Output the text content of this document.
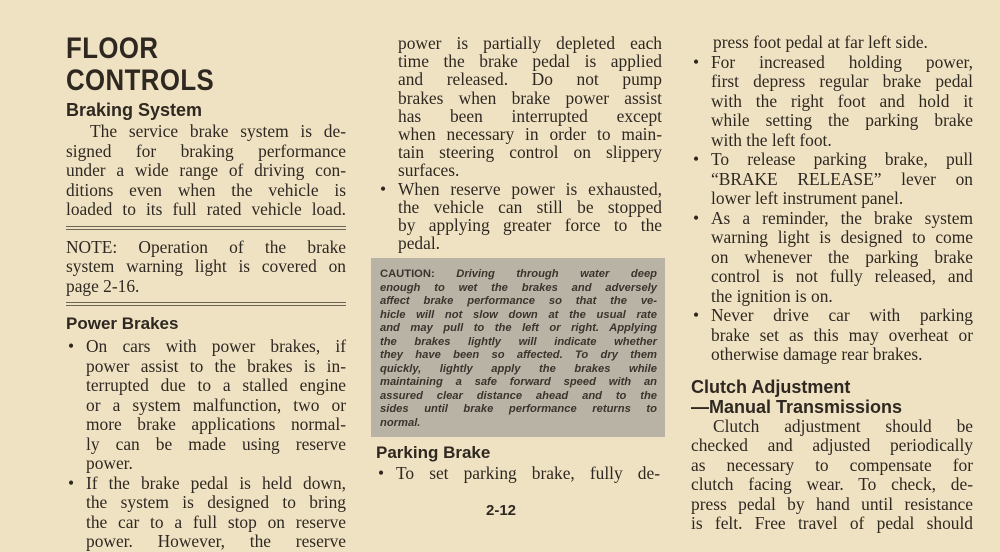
FLOOR CONTROLS
Braking System
The service brake system is de-
signed for braking performance
under a wide range of driving con-
ditions even when the vehicle is
loaded to its full rated vehicle load.
NOTE: Operation of the brake
system warning light is covered on
page 2-16.
Power Brakes
• On cars with power brakes, if
power assist to the brakes is in-
terrupted due to a stalled engine
or a system malfunction, two or
more brake applications normal-
ly can be made using reserve
power.
• If the brake pedal is held down,
the system is designed to bring
the car to a full stop on reserve
power. However, the reserve
power is partially depleted each
time the brake pedal is applied
and released. Do not pump
brakes when brake power assist
has been interrupted except
when necessary in order to main-
tain steering control on slippery
surfaces.
• When reserve power is exhausted,
the vehicle can still be stopped
by applying greater force to the
pedal.
CAUTION: Driving through water deep
enough to wet the brakes and adversely
affect brake performance so that the ve-
hicle will not slow down at the usual rate
and may pull to the left or right. Applying
the brakes lightly will indicate whether
they have been so affected. To dry them
quickly, lightly apply the brakes while
maintaining a safe forward speed with an
assured clear distance ahead and to the
sides until brake performance returns to
normal.
Parking Brake
• To set parking brake, fully de-
press foot pedal at far left side.
• For increased holding power,
first depress regular brake pedal
with the right foot and hold it
while setting the parking brake
with the left foot.
• To release parking brake, pull
“BRAKE RELEASE” lever on
lower left instrument panel.
• As a reminder, the brake system
warning light is designed to come
on whenever the parking brake
control is not fully released, and
the ignition is on.
• Never drive car with parking
brake set as this may overheat or
otherwise damage rear brakes.
Clutch Adjustment
—Manual Transmissions
Clutch adjustment should be
checked and adjusted periodically
as necessary to compensate for
clutch facing wear. To check, de-
press pedal by hand until resistance
is felt. Free travel of pedal should
2-12
